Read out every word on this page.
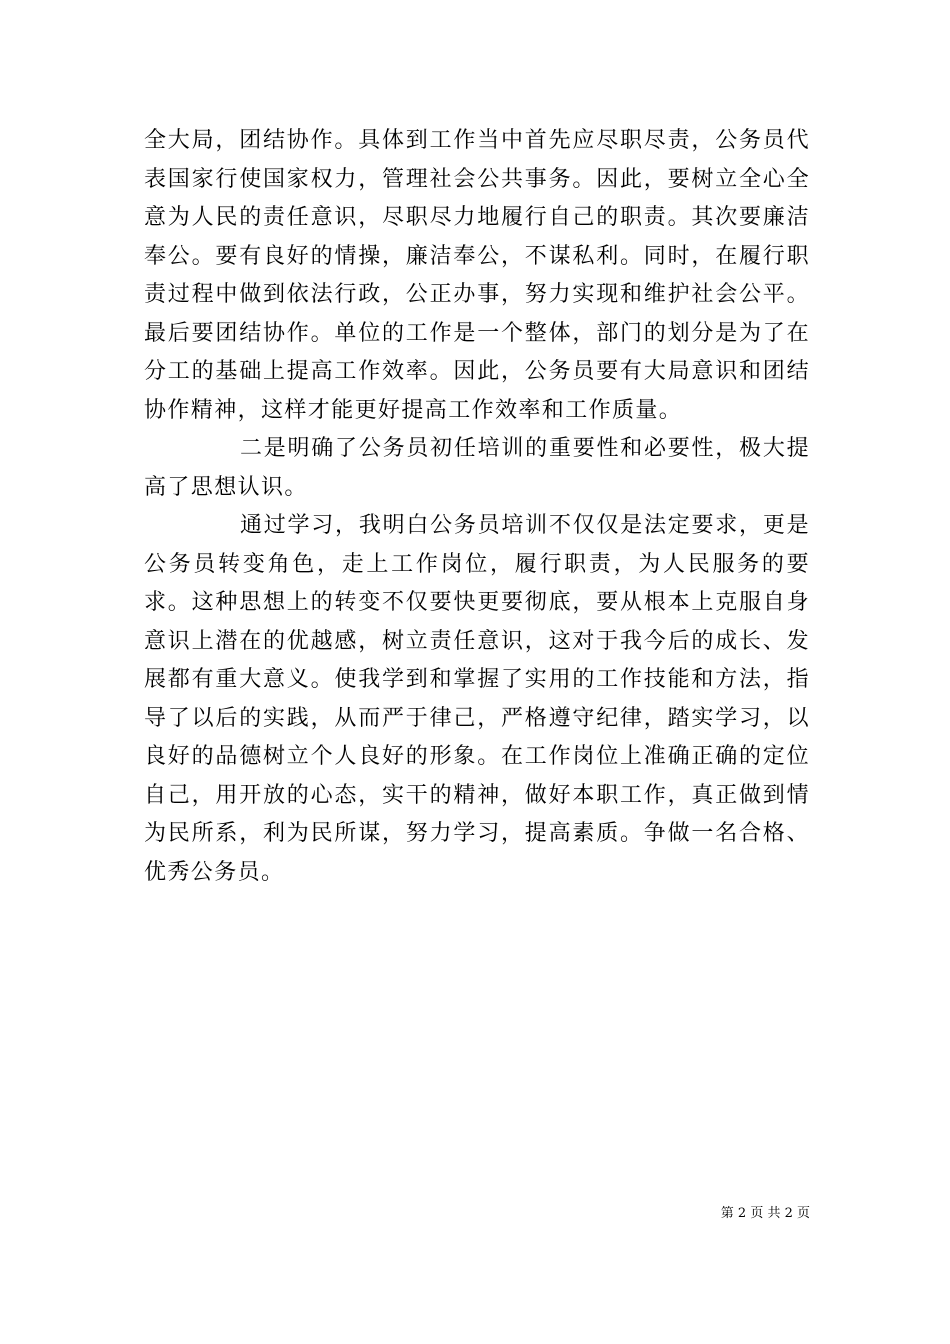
全大局，团结协作。具体到工作当中首先应尽职尽责，公务员代表国家行使国家权力，管理社会公共事务。因此，要树立全心全意为人民的责任意识，尽职尽力地履行自己的职责。其次要廉洁奉公。要有良好的情操，廉洁奉公，不谋私利。同时，在履行职责过程中做到依法行政，公正办事，努力实现和维护社会公平。最后要团结协作。单位的工作是一个整体，部门的划分是为了在分工的基础上提高工作效率。因此，公务员要有大局意识和团结协作精神，这样才能更好提高工作效率和工作质量。

二是明确了公务员初任培训的重要性和必要性，极大提高了思想认识。

通过学习，我明白公务员培训不仅仅是法定要求，更是公务员转变角色，走上工作岗位，履行职责，为人民服务的要求。这种思想上的转变不仅要快更要彻底，要从根本上克服自身意识上潜在的优越感，树立责任意识，这对于我今后的成长、发展都有重大意义。使我学到和掌握了实用的工作技能和方法，指导了以后的实践，从而严于律己，严格遵守纪律，踏实学习，以良好的品德树立个人良好的形象。在工作岗位上准确正确的定位自己，用开放的心态，实干的精神，做好本职工作，真正做到情为民所系，利为民所谋，努力学习，提高素质。争做一名合格、优秀公务员。

第 2 页 共 2 页
